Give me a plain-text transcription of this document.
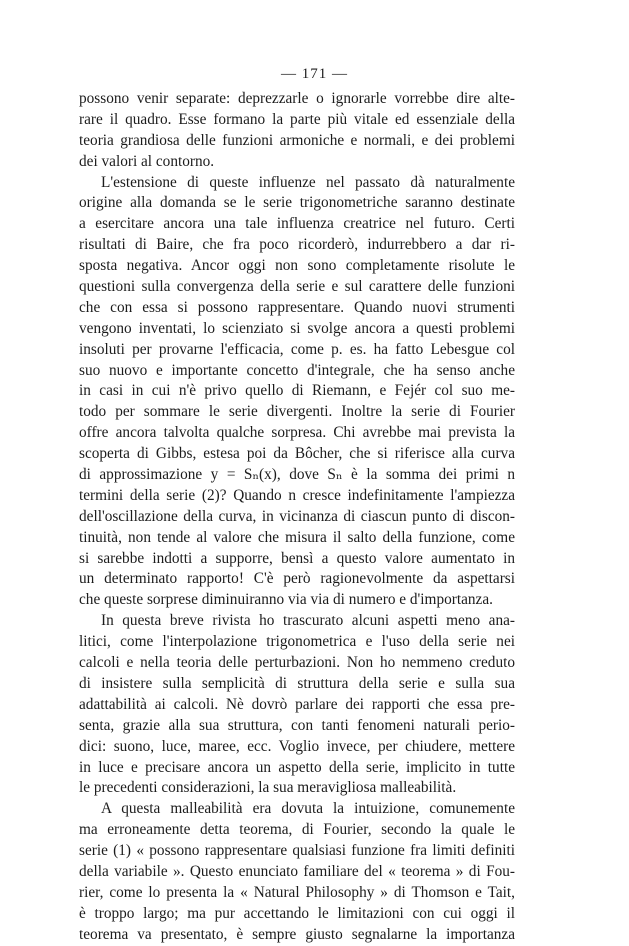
— 171 —
possono venir separate: deprezzarle o ignorarle vorrebbe dire alte-
rare il quadro. Esse formano la parte più vitale ed essenziale della
teoria grandiosa delle funzioni armoniche e normali, e dei problemi
dei valori al contorno.
L'estensione di queste influenze nel passato dà naturalmente
origine alla domanda se le serie trigonometriche saranno destinate
a esercitare ancora una tale influenza creatrice nel futuro. Certi
risultati di Baire, che fra poco ricorderò, indurrebbero a dar ri-
sposta negativa. Ancor oggi non sono completamente risolute le
questioni sulla convergenza della serie e sul carattere delle funzioni
che con essa si possono rappresentare. Quando nuovi strumenti
vengono inventati, lo scienziato si svolge ancora a questi problemi
insoluti per provarne l'efficacia, come p. es. ha fatto Lebesgue col
suo nuovo e importante concetto d'integrale, che ha senso anche
in casi in cui n'è privo quello di Riemann, e Fejér col suo me-
todo per sommare le serie divergenti. Inoltre la serie di Fourier
offre ancora talvolta qualche sorpresa. Chi avrebbe mai prevista la
scoperta di Gibbs, estesa poi da Bôcher, che si riferisce alla curva
di approssimazione y = Sₙ(x), dove Sₙ è la somma dei primi n
termini della serie (2)? Quando n cresce indefinitamente l'ampiezza
dell'oscillazione della curva, in vicinanza di ciascun punto di discon-
tinuità, non tende al valore che misura il salto della funzione, come
si sarebbe indotti a supporre, bensì a questo valore aumentato in
un determinato rapporto! C'è però ragionevolmente da aspettarsi
che queste sorprese diminuiranno via via di numero e d'importanza.
In questa breve rivista ho trascurato alcuni aspetti meno ana-
litici, come l'interpolazione trigonometrica e l'uso della serie nei
calcoli e nella teoria delle perturbazioni. Non ho nemmeno creduto
di insistere sulla semplicità di struttura della serie e sulla sua
adattabilità ai calcoli. Nè dovrò parlare dei rapporti che essa pre-
senta, grazie alla sua struttura, con tanti fenomeni naturali perio-
dici: suono, luce, maree, ecc. Voglio invece, per chiudere, mettere
in luce e precisare ancora un aspetto della serie, implicito in tutte
le precedenti considerazioni, la sua meravigliosa malleabilità.
A questa malleabilità era dovuta la intuizione, comunemente
ma erroneamente detta teorema, di Fourier, secondo la quale le
serie (1) « possono rappresentare qualsiasi funzione fra limiti definiti
della variabile ». Questo enunciato familiare del « teorema » di Fou-
rier, come lo presenta la « Natural Philosophy » di Thomson e Tait,
è troppo largo; ma pur accettando le limitazioni con cui oggi il
teorema va presentato, è sempre giusto segnalarne la importanza
